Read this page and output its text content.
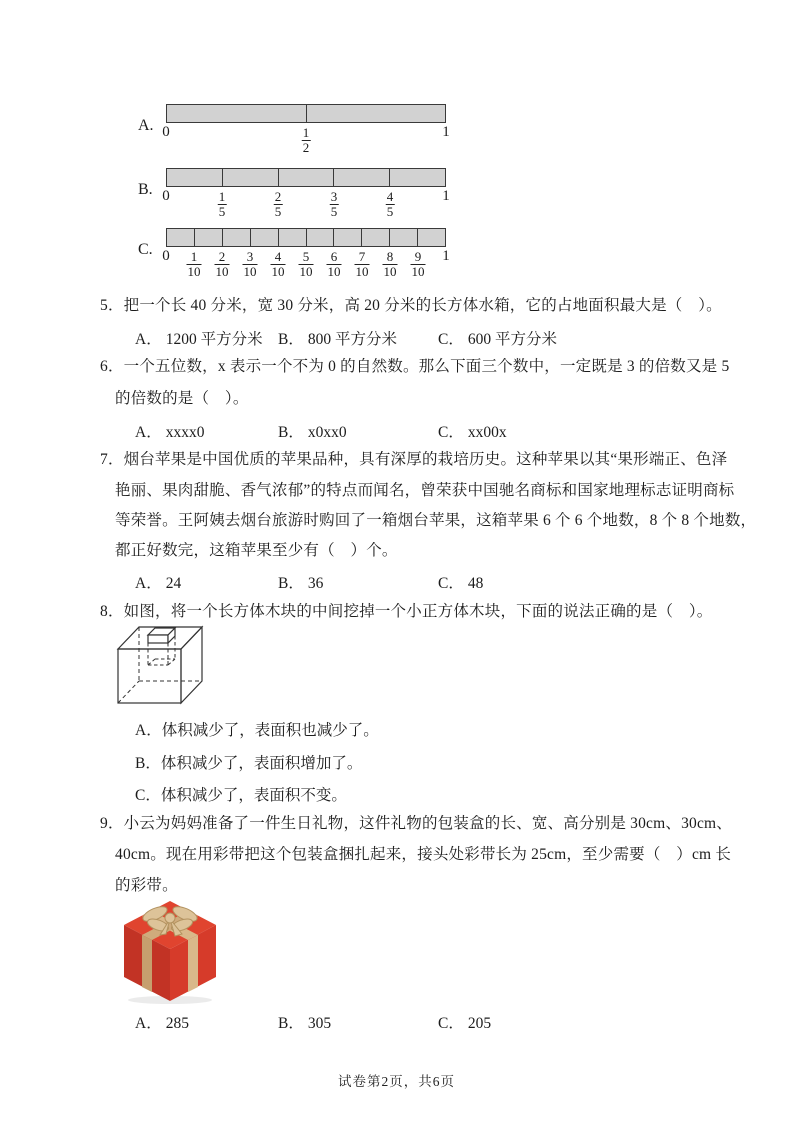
A. 0	$\frac{1}{2}$	1
B. 0	$\frac{1}{5}$	$\frac{2}{5}$	$\frac{3}{5}$	$\frac{4}{5}$	1
C. $0 \frac{1}{10} \frac{2}{10} \frac{3}{10} \frac{4}{10} \frac{5}{10} \frac{6}{10} \frac{7}{10} \frac{8}{10} \frac{9}{10} 1$
5．把一个长 40 分米，宽 30 分米，高 20 分米的长方体水箱，它的占地面积最大是（　）。
A． 1200 平方分米 B． 800 平方分米	C． 600 平方分米
6．一个五位数，x 表示一个不为 0 的自然数。那么下面三个数中，一定既是 3 的倍数又是 5
的倍数的是（　）。
A． xxxx0	B． x0xx0	C． xx00x
7．烟台苹果是中国优质的苹果品种，具有深厚的栽培历史。这种苹果以其“果形端正、色泽
艳丽、果肉甜脆、香气浓郁”的特点而闻名，曾荣获中国驰名商标和国家地理标志证明商标
等荣誉。王阿姨去烟台旅游时购回了一箱烟台苹果，这箱苹果 6 个 6 个地数，8 个 8 个地数，
都正好数完，这箱苹果至少有（　）个。
A． 24	B． 36	C． 48
8．如图，将一个长方体木块的中间挖掉一个小正方体木块，下面的说法正确的是（　）。
A．体积减少了，表面积也减少了。
B．体积减少了，表面积增加了。
C．体积减少了，表面积不变。
9．小云为妈妈准备了一件生日礼物，这件礼物的包装盒的长、宽、高分别是 30cm、30cm、
40cm。现在用彩带把这个包装盒捆扎起来，接头处彩带长为 25cm，至少需要（　）cm 长
的彩带。
A． 285	B． 305	C． 205
试卷第2页，共6页
